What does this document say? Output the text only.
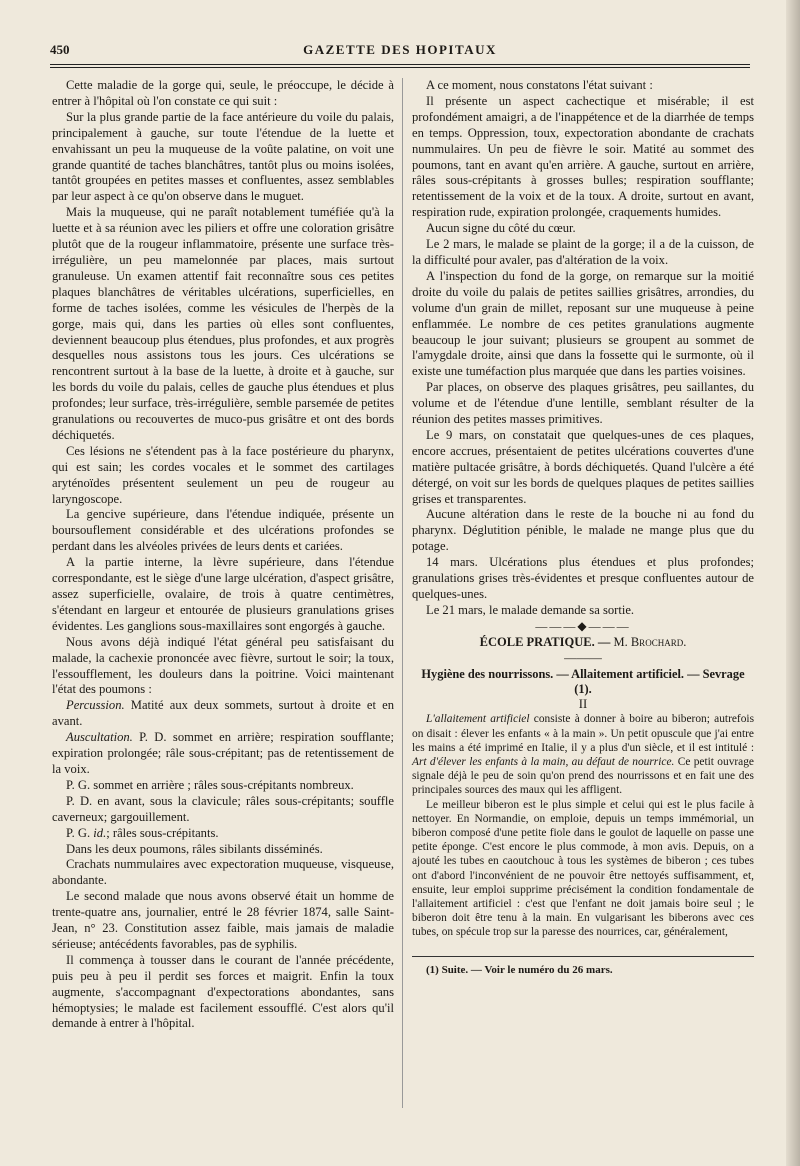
450	GAZETTE DES HOPITAUX

Cette maladie de la gorge qui, seule, le préoccupe, le décide à entrer à l'hôpital où l'on constate ce qui suit :

Sur la plus grande partie de la face antérieure du voile du palais, principalement à gauche, sur toute l'étendue de la luette et envahissant un peu la muqueuse de la voûte palatine, on voit une grande quantité de taches blanchâtres, tantôt plus ou moins isolées, tantôt groupées en petites masses et confluentes, assez semblables par leur aspect à ce qu'on observe dans le muguet.

Mais la muqueuse, qui ne paraît notablement tuméfiée qu'à la luette et à sa réunion avec les piliers et offre une coloration grisâtre plutôt que de la rougeur inflammatoire, présente une surface très-irrégulière, un peu mamelonnée par places, mais surtout granuleuse. Un examen attentif fait reconnaître sous ces petites plaques blanchâtres de véritables ulcérations, superficielles, en forme de taches isolées, comme les vésicules de l'herpès de la gorge, mais qui, dans les parties où elles sont confluentes, deviennent beaucoup plus étendues, plus profondes, et aux progrès desquelles nous assistons tous les jours. Ces ulcérations se rencontrent surtout à la base de la luette, à droite et à gauche, sur les bords du voile du palais, celles de gauche plus étendues et plus profondes; leur surface, très-irrégulière, semble parsemée de petites granulations ou recouvertes de muco-pus grisâtre et ont des bords déchiquetés.

Ces lésions ne s'étendent pas à la face postérieure du pharynx, qui est sain; les cordes vocales et le sommet des cartilages aryténoïdes présentent seulement un peu de rougeur au laryngoscope.

La gencive supérieure, dans l'étendue indiquée, présente un boursouflement considérable et des ulcérations profondes se perdant dans les alvéoles privées de leurs dents et cariées.

A la partie interne, la lèvre supérieure, dans l'étendue correspondante, est le siège d'une large ulcération, d'aspect grisâtre, assez superficielle, ovalaire, de trois à quatre centimètres, s'étendant en largeur et entourée de plusieurs granulations grises évidentes. Les ganglions sous-maxillaires sont engorgés à gauche.

Nous avons déjà indiqué l'état général peu satisfaisant du malade, la cachexie prononcée avec fièvre, surtout le soir; la toux, l'essoufflement, les douleurs dans la poitrine. Voici maintenant l'état des poumons :

Percussion. Matité aux deux sommets, surtout à droite et en avant.

Auscultation. P. D. sommet en arrière; respiration soufflante; expiration prolongée; râle sous-crépitant; pas de retentissement de la voix.

P. G. sommet en arrière ; râles sous-crépitants nombreux.

P. D. en avant, sous la clavicule; râles sous-crépitants; souffle caverneux; gargouillement.

P. G. id.; râles sous-crépitants.

Dans les deux poumons, râles sibilants disséminés.

Crachats nummulaires avec expectoration muqueuse, visqueuse, abondante.

Le second malade que nous avons observé était un homme de trente-quatre ans, journalier, entré le 28 février 1874, salle Saint-Jean, n° 23. Constitution assez faible, mais jamais de maladie sérieuse; antécédents favorables, pas de syphilis.

Il commença à tousser dans le courant de l'année précédente, puis peu à peu il perdit ses forces et maigrit. Enfin la toux augmente, s'accompagnant d'expectorations abondantes, sans hémoptysies; le malade est facilement essoufflé. C'est alors qu'il demande à entrer à l'hôpital.

A ce moment, nous constatons l'état suivant :

Il présente un aspect cachectique et misérable; il est profondément amaigri, a de l'inappétence et de la diarrhée de temps en temps. Oppression, toux, expectoration abondante de crachats nummulaires. Un peu de fièvre le soir. Matité au sommet des poumons, tant en avant qu'en arrière. A gauche, surtout en arrière, râles sous-crépitants à grosses bulles; respiration soufflante; retentissement de la voix et de la toux. A droite, surtout en avant, respiration rude, expiration prolongée, craquements humides.

Aucun signe du côté du cœur.

Le 2 mars, le malade se plaint de la gorge; il a de la cuisson, de la difficulté pour avaler, pas d'altération de la voix.

A l'inspection du fond de la gorge, on remarque sur la moitié droite du voile du palais de petites saillies grisâtres, arrondies, du volume d'un grain de millet, reposant sur une muqueuse à peine enflammée. Le nombre de ces petites granulations augmente beaucoup le jour suivant; plusieurs se groupent au sommet de l'amygdale droite, ainsi que dans la fossette qui le surmonte, où il existe une tuméfaction plus marquée que dans les parties voisines.

Par places, on observe des plaques grisâtres, peu saillantes, du volume et de l'étendue d'une lentille, semblant résulter de la réunion des petites masses primitives.

Le 9 mars, on constatait que quelques-unes de ces plaques, encore accrues, présentaient de petites ulcérations couvertes d'une matière pultacée grisâtre, à bords déchiquetés. Quand l'ulcère a été détergé, on voit sur les bords de quelques plaques de petites saillies grises et transparentes.

Aucune altération dans le reste de la bouche ni au fond du pharynx. Déglutition pénible, le malade ne mange plus que du potage.

14 mars. Ulcérations plus étendues et plus profondes; granulations grises très-évidentes et presque confluentes autour de quelques-unes.

Le 21 mars, le malade demande sa sortie.

———◆———

ÉCOLE PRATIQUE. — M. Brochard.

———

Hygiène des nourrissons. — Allaitement artificiel. — Sevrage (1).

II

L'allaitement artificiel consiste à donner à boire au biberon; autrefois on disait : élever les enfants « à la main ». Un petit opuscule que j'ai entre les mains a été imprimé en Italie, il y a plus d'un siècle, et il est intitulé : Art d'élever les enfants à la main, au défaut de nourrice. Ce petit ouvrage signale déjà le peu de soin qu'on prend des nourrissons et en fait une des principales sources des maux qui les affligent.

Le meilleur biberon est le plus simple et celui qui est le plus facile à nettoyer. En Normandie, on emploie, depuis un temps immémorial, un biberon composé d'une petite fiole dans le goulot de laquelle on passe une petite éponge. C'est encore le plus commode, à mon avis. Depuis, on a ajouté les tubes en caoutchouc à tous les systèmes de biberon ; ces tubes ont d'abord l'inconvénient de ne pouvoir être nettoyés suffisamment, et, ensuite, leur emploi supprime précisément la condition fondamentale de l'allaitement artificiel : c'est que l'enfant ne doit jamais boire seul ; le biberon doit être tenu à la main. En vulgarisant les biberons avec ces tubes, on spécule trop sur la paresse des nourrices, car, généralement,

(1) Suite. — Voir le numéro du 26 mars.
